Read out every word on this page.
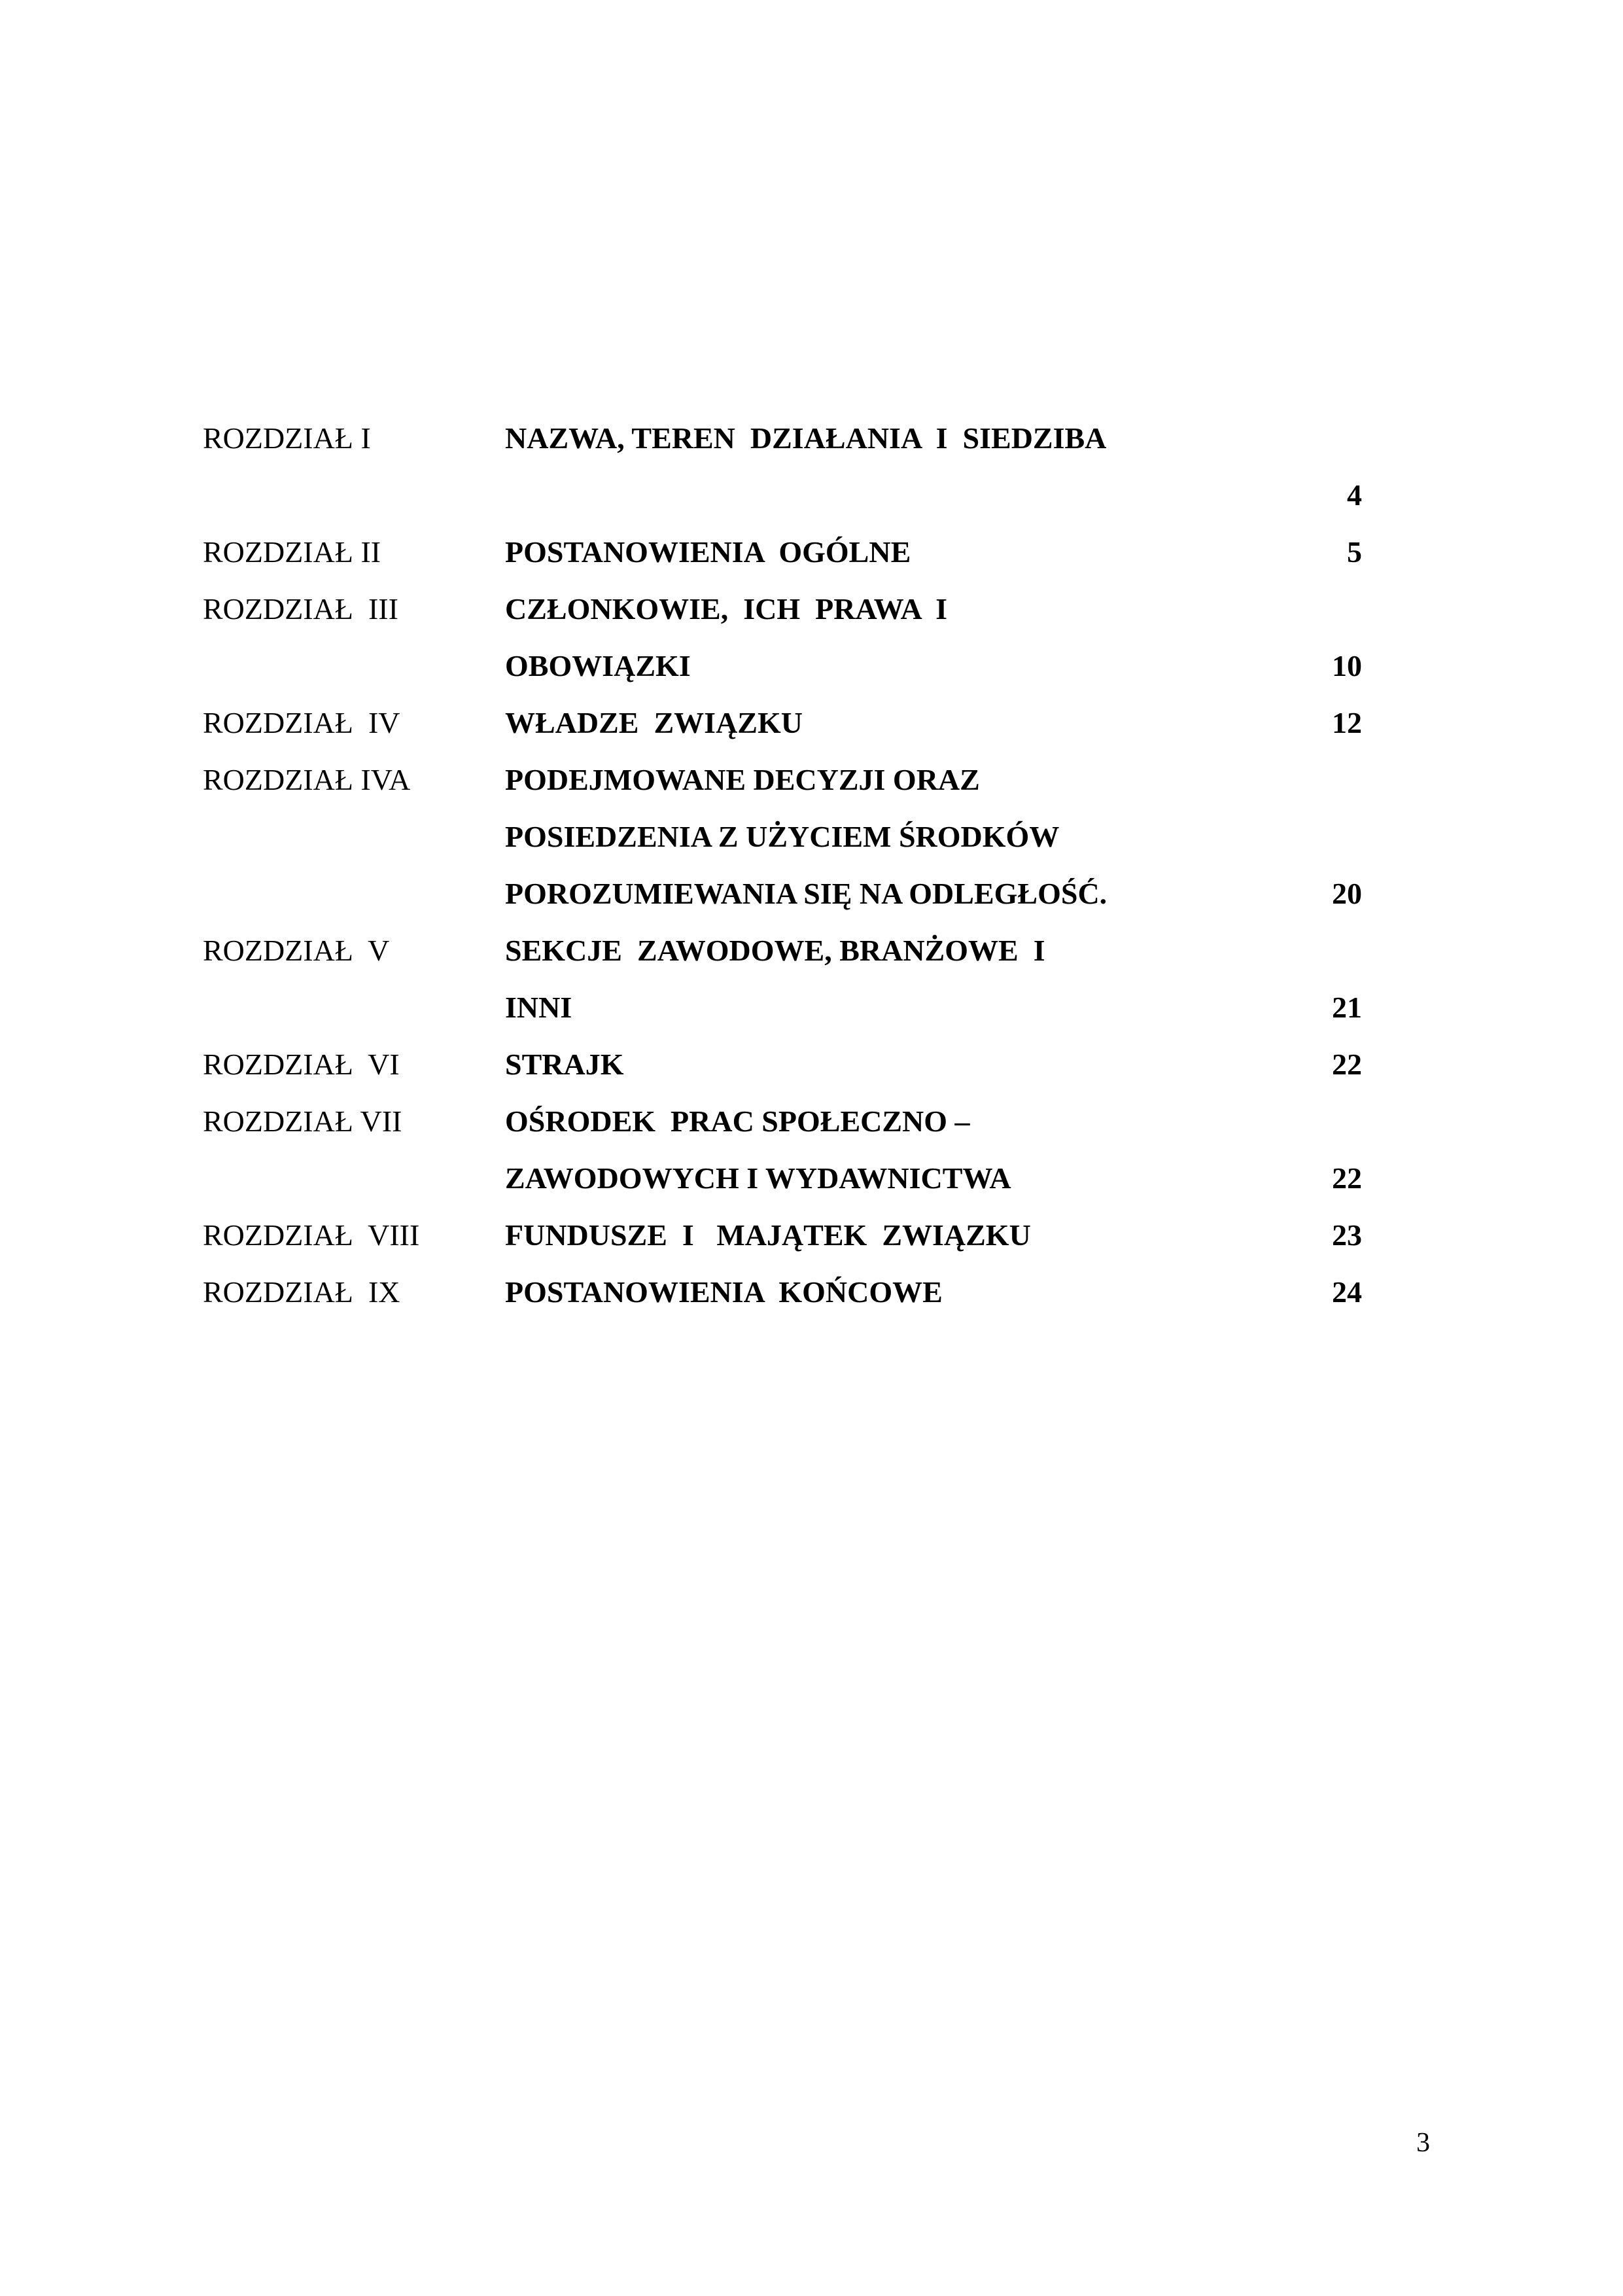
ROZDZIAŁ I	NAZWA, TEREN  DZIAŁANIA  I  SIEDZIBA
4
ROZDZIAŁ II	POSTANOWIENIA  OGÓLNE	5
ROZDZIAŁ  III	CZŁONKOWIE,  ICH  PRAWA  I
OBOWIĄZKI	10
ROZDZIAŁ  IV	WŁADZE  ZWIĄZKU	12
ROZDZIAŁ IVA	PODEJMOWANE DECYZJI ORAZ
POSIEDZENIA Z UŻYCIEM ŚRODKÓW
POROZUMIEWANIA SIĘ NA ODLEGŁOŚĆ.	20
ROZDZIAŁ  V	SEKCJE  ZAWODOWE, BRANŻOWE  I
INNI	21
ROZDZIAŁ  VI	STRAJK	22
ROZDZIAŁ VII	OŚRODEK  PRAC SPOŁECZNO –
ZAWODOWYCH I WYDAWNICTWA	22
ROZDZIAŁ  VIII	FUNDUSZE  I   MAJĄTEK  ZWIĄZKU	23
ROZDZIAŁ  IX	POSTANOWIENIA  KOŃCOWE	24
3
